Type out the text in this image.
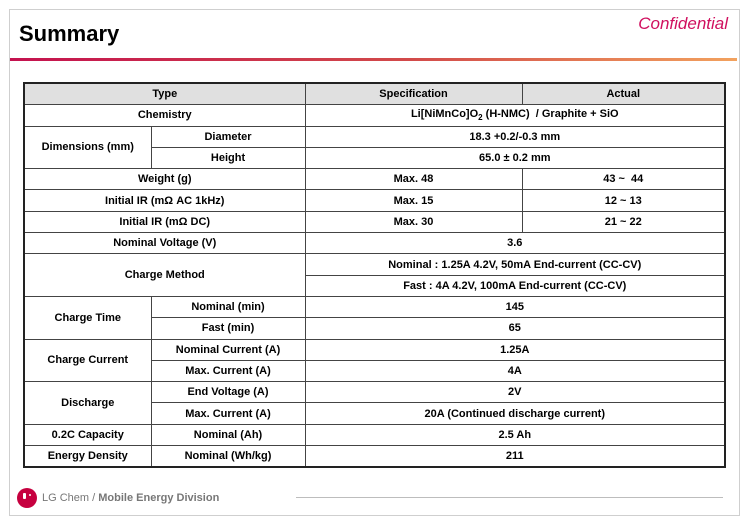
Summary	Confidential
Type		Specification	Actual
Chemistry		$Li[NiMnCo]O_2$ (H-NMC)  / Graphite + SiO	
Dimensions (mm)	Diameter	18.3 +0.2/-0.3 mm	
	Height	65.0 ± 0.2 mm	
Weight (g)		Max. 48	43 ~  44
Initial IR (mΩ AC 1kHz)		Max. 15	12 ~ 13
Initial IR (mΩ DC)		Max. 30	21 ~ 22
Nominal Voltage (V)		3.6	
Charge Method		Nominal : 1.25A 4.2V, 50mA End-current (CC-CV)	
		Fast : 4A 4.2V, 100mA End-current (CC-CV)	
Charge Time	Nominal (min)	145	
	Fast (min)	65	
Charge Current	Nominal Current (A)	1.25A	
	Max. Current (A)	4A	
Discharge	End Voltage (A)	2V	
	Max. Current (A)	20A (Continued discharge current)	
0.2C Capacity	Nominal (Ah)	2.5 Ah	
Energy Density	Nominal (Wh/kg)	211	
LG Chem / Mobile Energy Division
